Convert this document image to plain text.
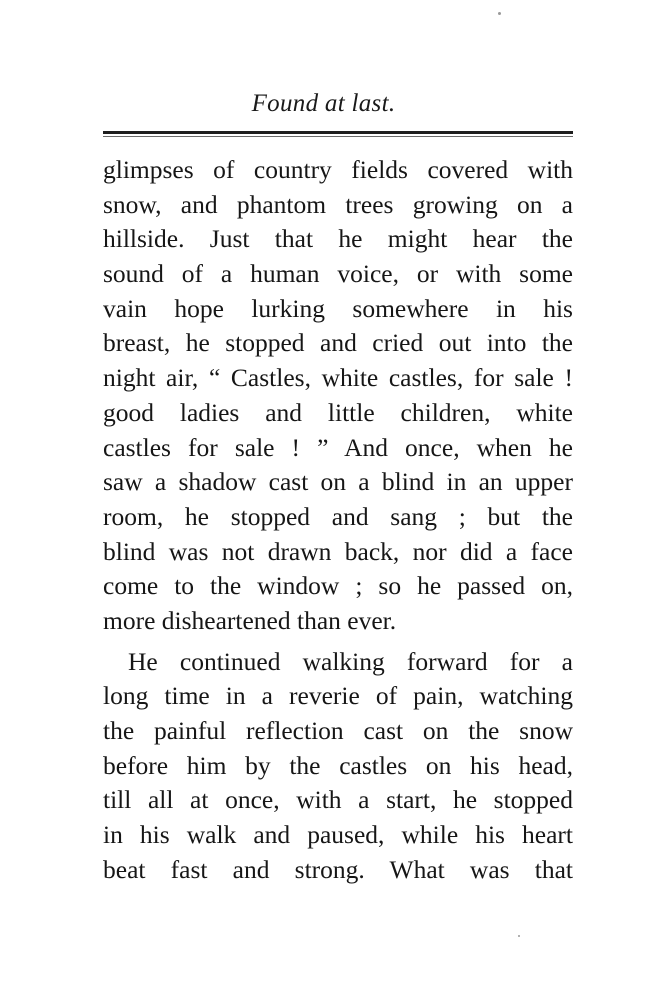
Found at last.
glimpses of country fields covered with
snow, and phantom trees growing on a
hillside. Just that he might hear the
sound of a human voice, or with some
vain hope lurking somewhere in his
breast, he stopped and cried out into the
night air, “ Castles, white castles, for sale !
good ladies and little children, white
castles for sale ! ” And once, when he
saw a shadow cast on a blind in an upper
room, he stopped and sang ; but the
blind was not drawn back, nor did a face
come to the window ; so he passed on,
more disheartened than ever.
He continued walking forward for a
long time in a reverie of pain, watching
the painful reflection cast on the snow
before him by the castles on his head,
till all at once, with a start, he stopped
in his walk and paused, while his heart
beat fast and strong. What was that
